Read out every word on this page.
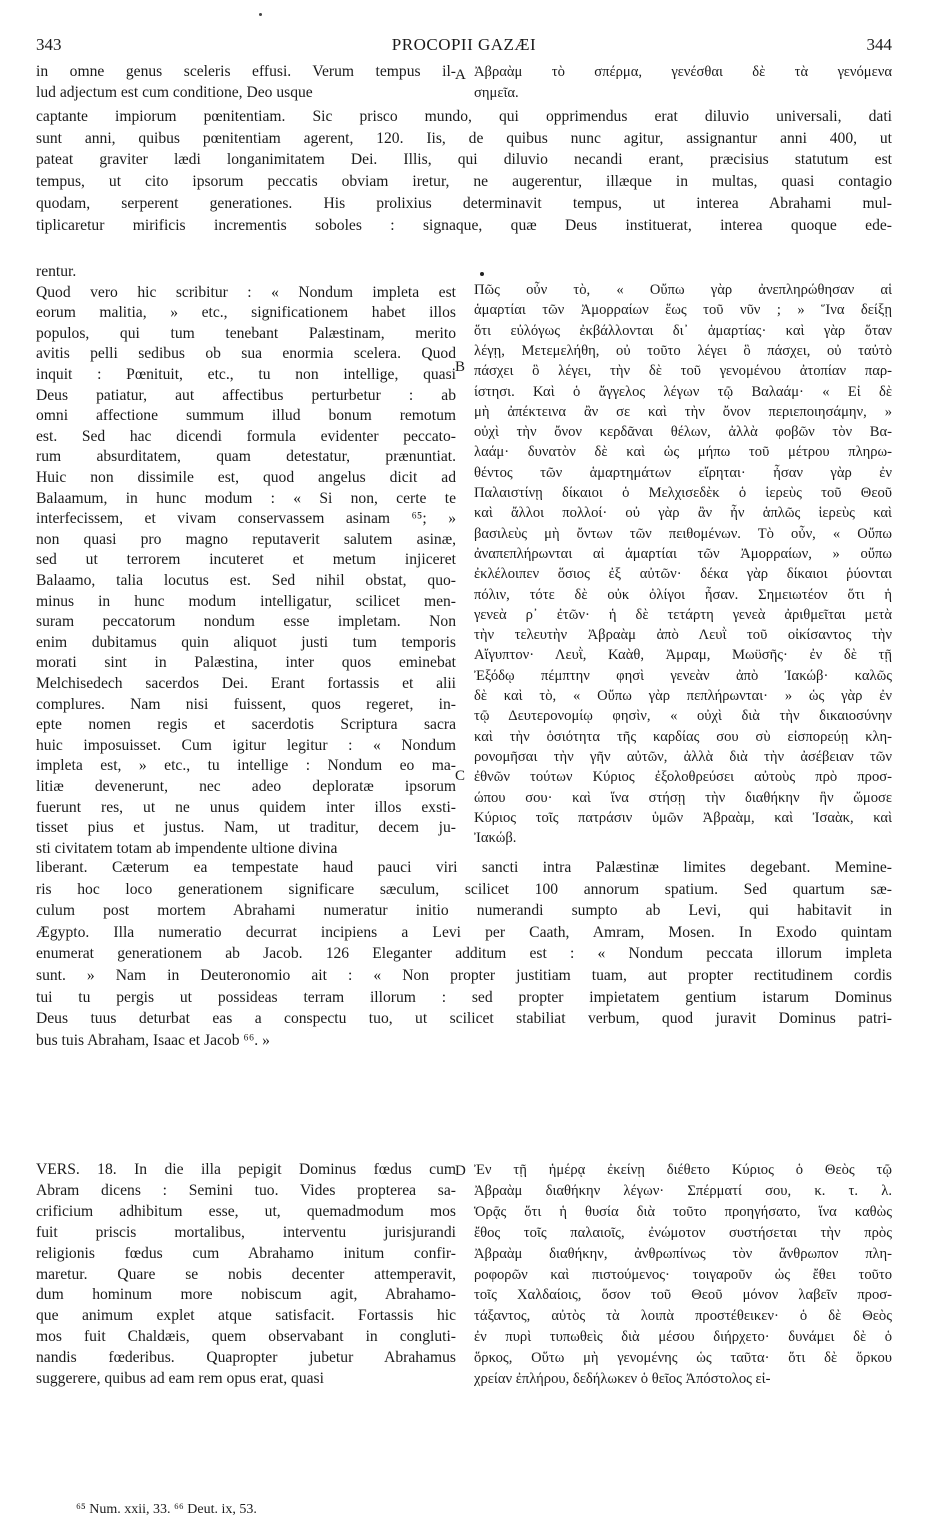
343	PROCOPII GAZÆI	344
A
B
C
D
in omne genus sceleris effusi. Verum tempus il-
lud adjectum est cum conditione, Deo usque
Ἀβραὰμ τὸ σπέρμα, γενέσθαι δὲ τὰ γενόμενα
σημεῖα.
captante impiorum pœnitentiam. Sic prisco mundo, qui opprimendus erat diluvio universali, dati
sunt anni, quibus pœnitentiam agerent, 120. Iis, de quibus nunc agitur, assignantur anni 400, ut
pateat graviter lædi longanimitatem Dei. Illis, qui diluvio necandi erant, præcisius statutum est
tempus, ut cito ipsorum peccatis obviam iretur, ne augerentur, illæque in multas, quasi contagio
quodam, serperent generationes. His prolixius determinavit tempus, ut interea Abrahami mul-
tiplicaretur mirificis incrementis soboles : signaque, quæ Deus instituerat, interea quoque ede-
rentur.
Quod vero hic scribitur : « Nondum impleta est
eorum malitia, » etc., significationem habet illos
populos, qui tum tenebant Palæstinam, merito
avitis pelli sedibus ob sua enormia scelera. Quod
inquit : Pœnituit, etc., tu non intellige, quasi
Deus patiatur, aut affectibus perturbetur : ab
omni affectione summum illud bonum remotum
est. Sed hac dicendi formula evidenter peccato-
rum absurditatem, quam detestatur, prænuntiat.
Huic non dissimile est, quod angelus dicit ad
Balaamum, in hunc modum : « Si non, certe te
interfecissem, et vivam conservassem asinam ⁶⁵; »
non quasi pro magno reputaverit salutem asinæ,
sed ut terrorem incuteret et metum injiceret
Balaamo, talia locutus est. Sed nihil obstat, quo-
minus in hunc modum intelligatur, scilicet men-
suram peccatorum nondum esse impletam. Non
enim dubitamus quin aliquot justi tum temporis
morati sint in Palæstina, inter quos eminebat
Melchisedech sacerdos Dei. Erant fortassis et alii
complures. Nam nisi fuissent, quos regeret, in-
epte nomen regis et sacerdotis Scriptura sacra
huic imposuisset. Cum igitur legitur : « Nondum
impleta est, » etc., tu intellige : Nondum eo ma-
litiæ devenerunt, nec adeo deploratæ ipsorum
fuerunt res, ut ne unus quidem inter illos exsti-
tisset pius et justus. Nam, ut traditur, decem ju-
sti civitatem totam ab impendente ultione divina
Πῶς οὖν τὸ, « Οὔπω γὰρ ἀνεπληρώθησαν αἱ
ἁμαρτίαι τῶν Ἀμορραίων ἕως τοῦ νῦν ; » Ἵνα δείξῃ
ὅτι εὐλόγως ἐκβάλλονται δι᾽ ἁμαρτίας· καὶ γὰρ ὅταν
λέγῃ, Μετεμελήθη, οὐ τοῦτο λέγει ὃ πάσχει, οὐ ταὐτὸ
πάσχει ὃ λέγει, τὴν δὲ τοῦ γενομένου ἀτοπίαν παρ-
ίστησι. Καὶ ὁ ἄγγελος λέγων τῷ Βαλαάμ· « Εἰ δὲ
μὴ ἀπέκτεινα ἂν σε καὶ τὴν ὄνον περιεποιησάμην, »
οὐχὶ τὴν ὄνον κερδᾶναι θέλων, ἀλλὰ φοβῶν τὸν Βα-
λαάμ· δυνατὸν δὲ καὶ ὡς μήπω τοῦ μέτρου πληρω-
θέντος τῶν ἁμαρτημάτων εἴρηται· ἦσαν γὰρ ἐν
Παλαιστίνῃ δίκαιοι ὁ Μελχισεδὲκ ὁ ἱερεὺς τοῦ Θεοῦ
καὶ ἄλλοι πολλοί· οὐ γὰρ ἂν ἦν ἁπλῶς ἱερεὺς καὶ
βασιλεὺς μὴ ὄντων τῶν πειθομένων. Τὸ οὖν, « Οὔπω
ἀναπεπλήρωνται αἱ ἁμαρτίαι τῶν Ἀμορραίων, » οὔπω
ἐκλέλοιπεν ὅσιος ἐξ αὐτῶν· δέκα γὰρ δίκαιοι ῥύονται
πόλιν, τότε δὲ οὐκ ὀλίγοι ἦσαν. Σημειωτέον ὅτι ἡ
γενεὰ ρ᾽ ἐτῶν· ἡ δὲ τετάρτη γενεὰ ἀριθμεῖται μετὰ
τὴν τελευτὴν Ἀβραὰμ ἀπὸ Λευῒ τοῦ οἰκίσαντος τὴν
Αἴγυπτον· Λευῒ, Καὰθ, Ἀμραμ, Μωϋσῆς· ἐν δὲ τῇ
Ἐξόδῳ πέμπτην φησὶ γενεὰν ἀπὸ Ἰακώβ· καλῶς
δὲ καὶ τὸ, « Οὔπω γὰρ πεπλήρωνται· » ὡς γὰρ ἐν
τῷ Δευτερονομίῳ φησὶν, « οὐχὶ διὰ τὴν δικαιοσύνην
καὶ τὴν ὁσιότητα τῆς καρδίας σου σὺ εἰσπορεύῃ κλη-
ρονομῆσαι τὴν γῆν αὐτῶν, ἀλλὰ διὰ τὴν ἀσέβειαν τῶν
ἐθνῶν τούτων Κύριος ἐξολοθρεύσει αὐτοὺς πρὸ προσ-
ώπου σου· καὶ ἵνα στήσῃ τὴν διαθήκην ἣν ὤμοσε
Κύριος τοῖς πατράσιν ὑμῶν Ἀβραὰμ, καὶ Ἰσαὰκ, καὶ
Ἰακώβ.
liberant. Cæterum ea tempestate haud pauci viri sancti intra Palæstinæ limites degebant. Memine-
ris hoc loco generationem significare sæculum, scilicet 100 annorum spatium. Sed quartum sæ-
culum post mortem Abrahami numeratur initio numerandi sumpto ab Levi, qui habitavit in
Ægypto. Illa numeratio decurrat incipiens a Levi per Caath, Amram, Mosen. In Exodo quintam
enumerat generationem ab Jacob. 126 Eleganter additum est : « Nondum peccata illorum impleta
sunt. » Nam in Deuteronomio ait : « Non propter justitiam tuam, aut propter rectitudinem cordis
tui tu pergis ut possideas terram illorum : sed propter impietatem gentium istarum Dominus
Deus tuus deturbat eas a conspectu tuo, ut scilicet stabiliat verbum, quod juravit Dominus patri-
bus tuis Abraham, Isaac et Jacob ⁶⁶. »
VERS. 18. In die illa pepigit Dominus fœdus cum
Abram dicens : Semini tuo. Vides propterea sa-
crificium adhibitum esse, ut, quemadmodum mos
fuit priscis mortalibus, interventu jurisjurandi
religionis fœdus cum Abrahamo initum confir-
maretur. Quare se nobis decenter attemperavit,
dum hominum more nobiscum agit, Abrahamo-
que animum explet atque satisfacit. Fortassis hic
mos fuit Chaldæis, quem observabant in congluti-
nandis fœderibus. Quapropter jubetur Abrahamus
suggerere, quibus ad eam rem opus erat, quasi
Ἐν τῇ ἡμέρᾳ ἐκείνῃ διέθετο Κύριος ὁ Θεὸς τῷ
Ἀβραὰμ διαθήκην λέγων· Σπέρματί σου, κ. τ. λ.
Ὁρᾷς ὅτι ἡ θυσία διὰ τοῦτο προηγήσατο, ἵνα καθὼς
ἔθος τοῖς παλαιοῖς, ἐνώμοτον συστήσεται τὴν πρὸς
Ἀβραὰμ διαθήκην, ἀνθρωπίνως τὸν ἄνθρωπον πλη-
ροφορῶν καὶ πιστούμενος· τοιγαροῦν ὡς ἔθει τοῦτο
τοῖς Χαλδαίοις, ὅσον τοῦ Θεοῦ μόνον λαβεῖν προσ-
τάξαντος, αὐτὸς τὰ λοιπὰ προστέθεικεν· ὁ δὲ Θεὸς
ἐν πυρὶ τυπωθεὶς διὰ μέσου διήρχετο· δυνάμει δὲ ὁ
ὅρκος, Οὕτω μὴ γενομένης ὡς ταῦτα· ὅτι δὲ ὅρκου
χρείαν ἐπλήρου, δεδήλωκεν ὁ θεῖος Ἀπόστολος εἰ-
⁶⁵ Num. xxii, 33. ⁶⁶ Deut. ix, 53.
